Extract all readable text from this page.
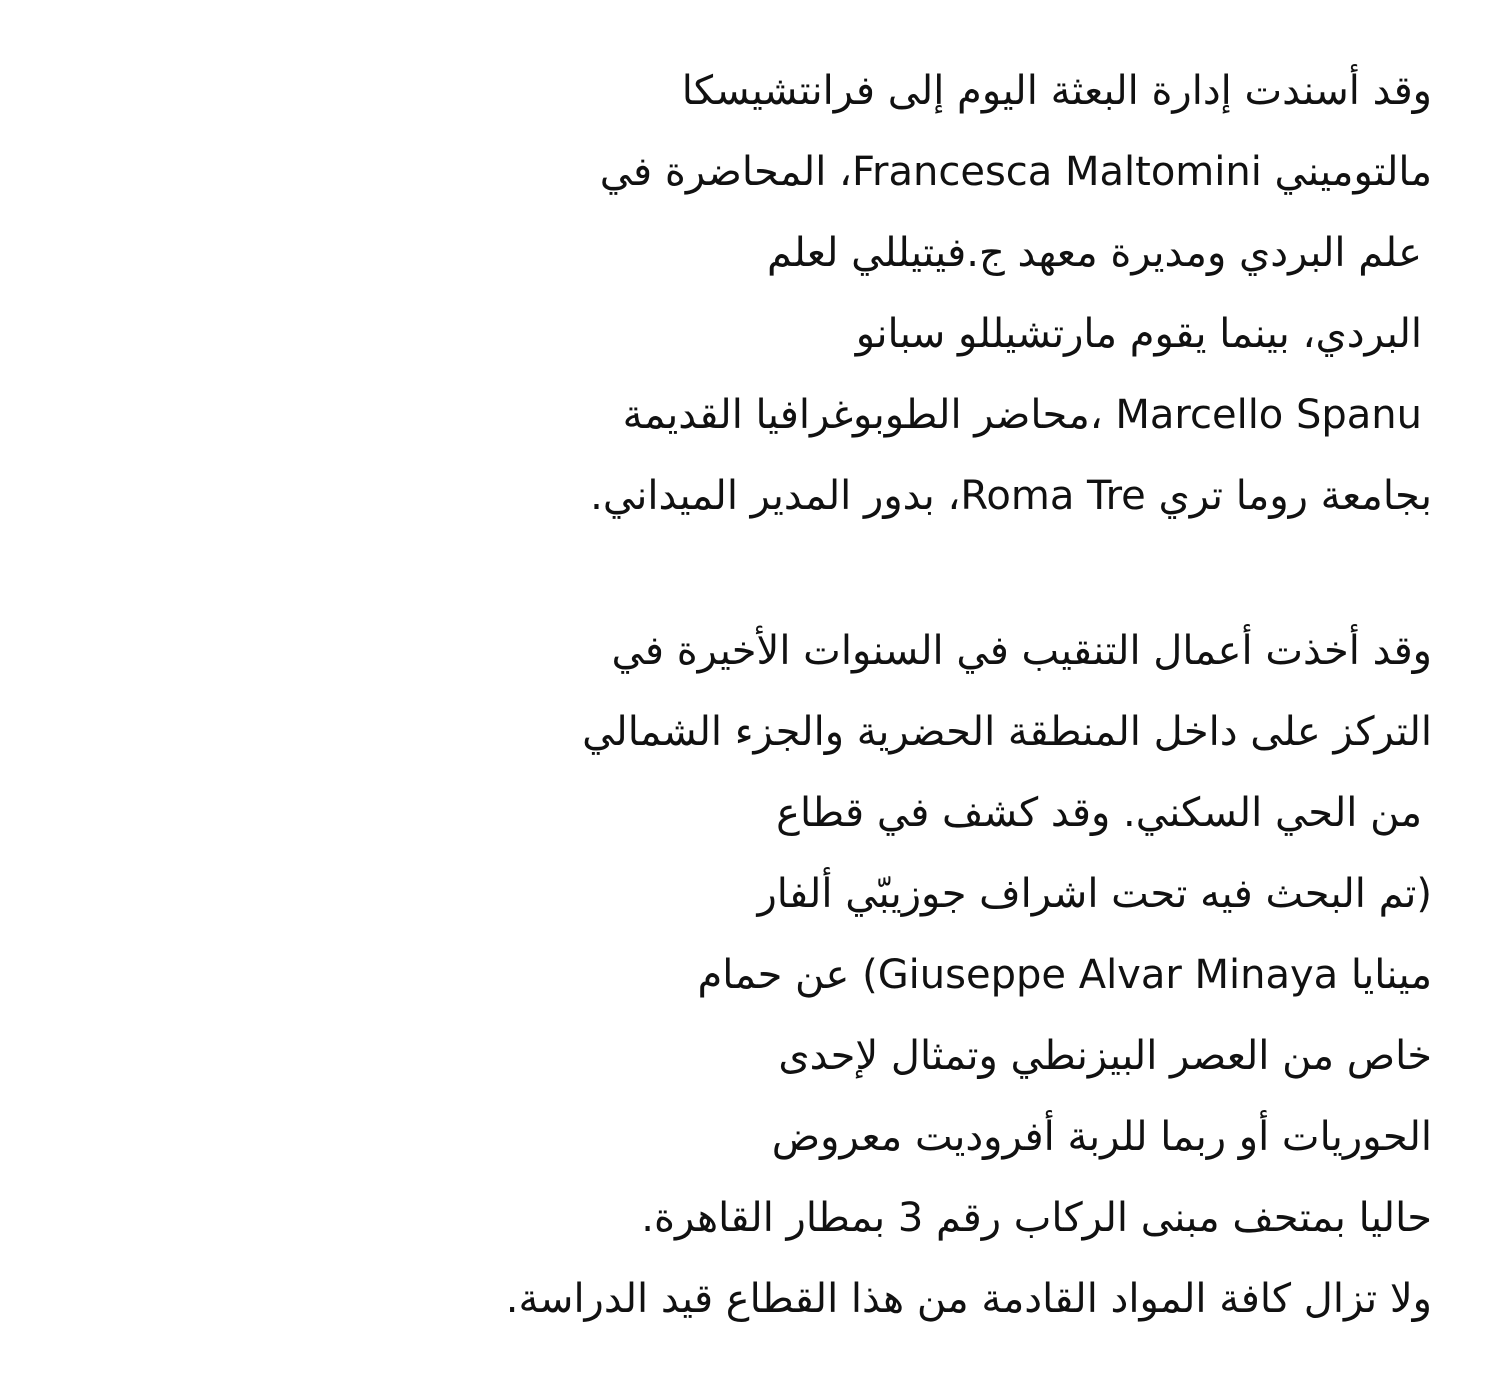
وقد أسندت إدارة البعثة اليوم إلى فرانتشيسكا
مالتوميني Francesca Maltomini، المحاضرة في
علم البردي ومديرة معهد ج.فيتيللي لعلم
البردي، بينما يقوم مارتشيللو سبانو
Marcello Spanu ،محاضر الطوبوغرافيا القديمة
بجامعة روما تري Roma Tre، بدور المدير الميداني.
وقد أخذت أعمال التنقيب في السنوات الأخيرة في
التركز على داخل المنطقة الحضرية والجزء الشمالي
من الحي السكني. وقد كشف في قطاع
(تم البحث فيه تحت اشراف جوزيبّي ألفار
مينايا Giuseppe Alvar Minaya) عن حمام
خاص من العصر البيزنطي وتمثال لإحدى
الحوريات أو ربما للربة أفروديت معروض
حاليا بمتحف مبنى الركاب رقم 3 بمطار القاهرة.
ولا تزال كافة المواد القادمة من هذا القطاع قيد الدراسة.
